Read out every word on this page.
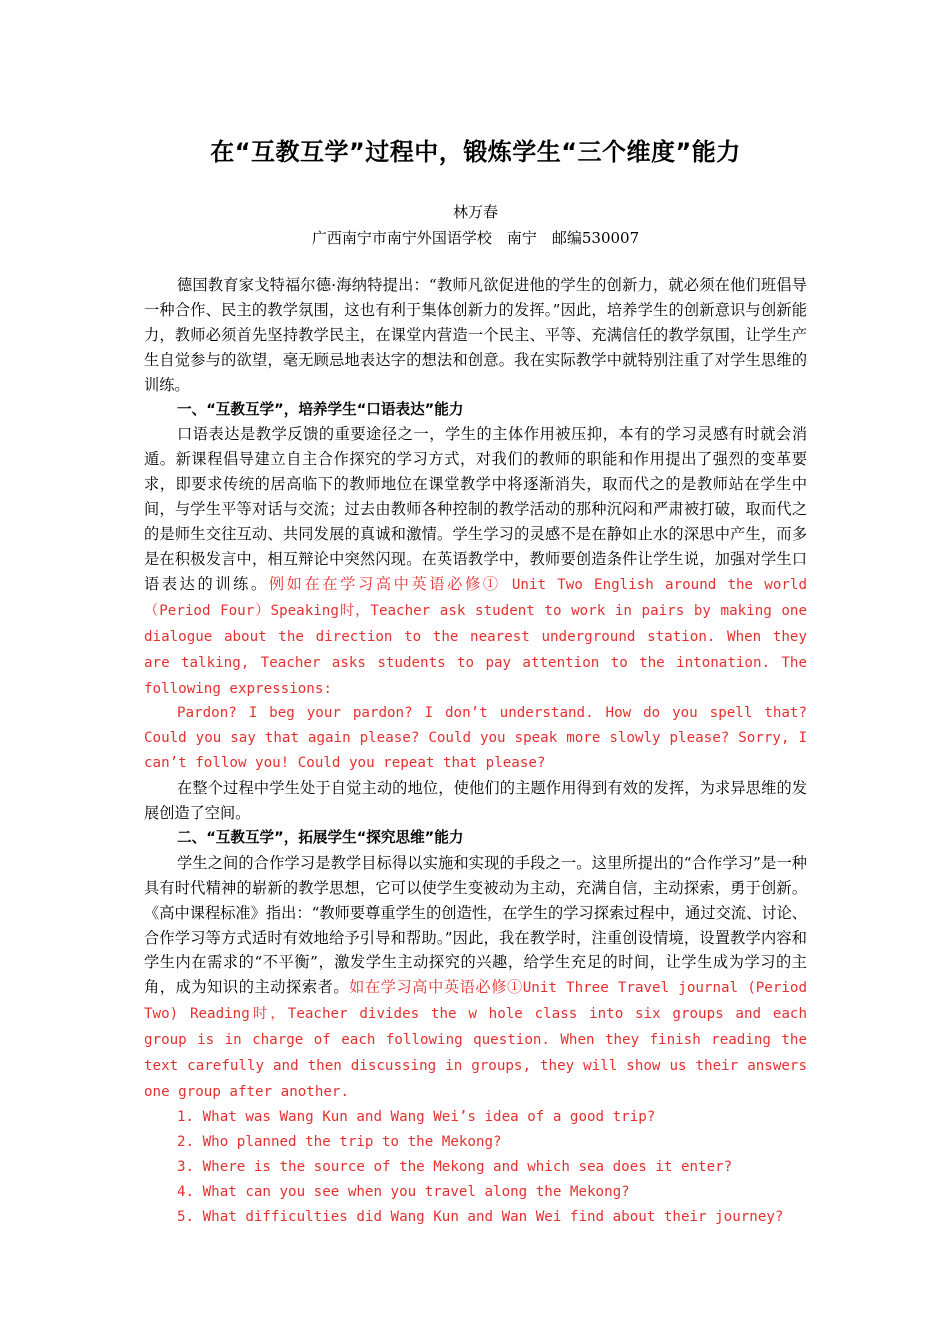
在“互教互学”过程中，锻炼学生“三个维度”能力
林万春
广西南宁市南宁外国语学校　南宁　邮编530007

德国教育家戈特福尔德·海纳特提出：“教师凡欲促进他的学生的创新力，就必须在他们班倡导一种合作、民主的教学氛围，这也有利于集体创新力的发挥。”因此，培养学生的创新意识与创新能力，教师必须首先坚持教学民主，在课堂内营造一个民主、平等、充满信任的教学氛围，让学生产生自觉参与的欲望，毫无顾忌地表达字的想法和创意。我在实际教学中就特别注重了对学生思维的训练。

一、“互教互学”，培养学生“口语表达”能力

口语表达是教学反馈的重要途径之一，学生的主体作用被压抑，本有的学习灵感有时就会消遁。新课程倡导建立自主合作探究的学习方式，对我们的教师的职能和作用提出了强烈的变革要求，即要求传统的居高临下的教师地位在课堂教学中将逐渐消失，取而代之的是教师站在学生中间，与学生平等对话与交流；过去由教师各种控制的教学活动的那种沉闷和严肃被打破，取而代之的是师生交往互动、共同发展的真诚和激情。学生学习的灵感不是在静如止水的深思中产生，而多是在积极发言中，相互辩论中突然闪现。在英语教学中，教师要创造条件让学生说，加强对学生口语表达的训练。例如在在学习高中英语必修① Unit Two English around the world （Period Four）Speaking时，Teacher ask student to work in pairs by making one dialogue about the direction to the nearest underground station. When they are talking, Teacher asks students to pay attention to the intonation. The following expressions:

Pardon? I beg your pardon? I don’t understand. How do you spell that? Could you say that again please? Could you speak more slowly please? Sorry, I can’t follow you! Could you repeat that please?

在整个过程中学生处于自觉主动的地位，使他们的主题作用得到有效的发挥，为求异思维的发展创造了空间。

二、“互教互学”，拓展学生“探究思维”能力

学生之间的合作学习是教学目标得以实施和实现的手段之一。这里所提出的“合作学习”是一种具有时代精神的崭新的教学思想，它可以使学生变被动为主动，充满自信，主动探索，勇于创新。《高中课程标准》指出：“教师要尊重学生的创造性，在学生的学习探索过程中，通过交流、讨论、合作学习等方式适时有效地给予引导和帮助。”因此，我在教学时，注重创设情境，设置教学内容和学生内在需求的“不平衡”，激发学生主动探究的兴趣，给学生充足的时间，让学生成为学习的主角，成为知识的主动探索者。如在学习高中英语必修①Unit Three Travel journal (Period Two) Reading时，Teacher divides the w hole class into six groups and each group is in charge of each following question. When they finish reading the text carefully and then discussing in groups, they will show us their answers one group after another.

1. What was Wang Kun and Wang Wei’s idea of a good trip?

2. Who planned the trip to the Mekong?

3. Where is the source of the Mekong and which sea does it enter?

4. What can you see when you travel along the Mekong?

5. What difficulties did Wang Kun and Wan Wei find about their journey?
